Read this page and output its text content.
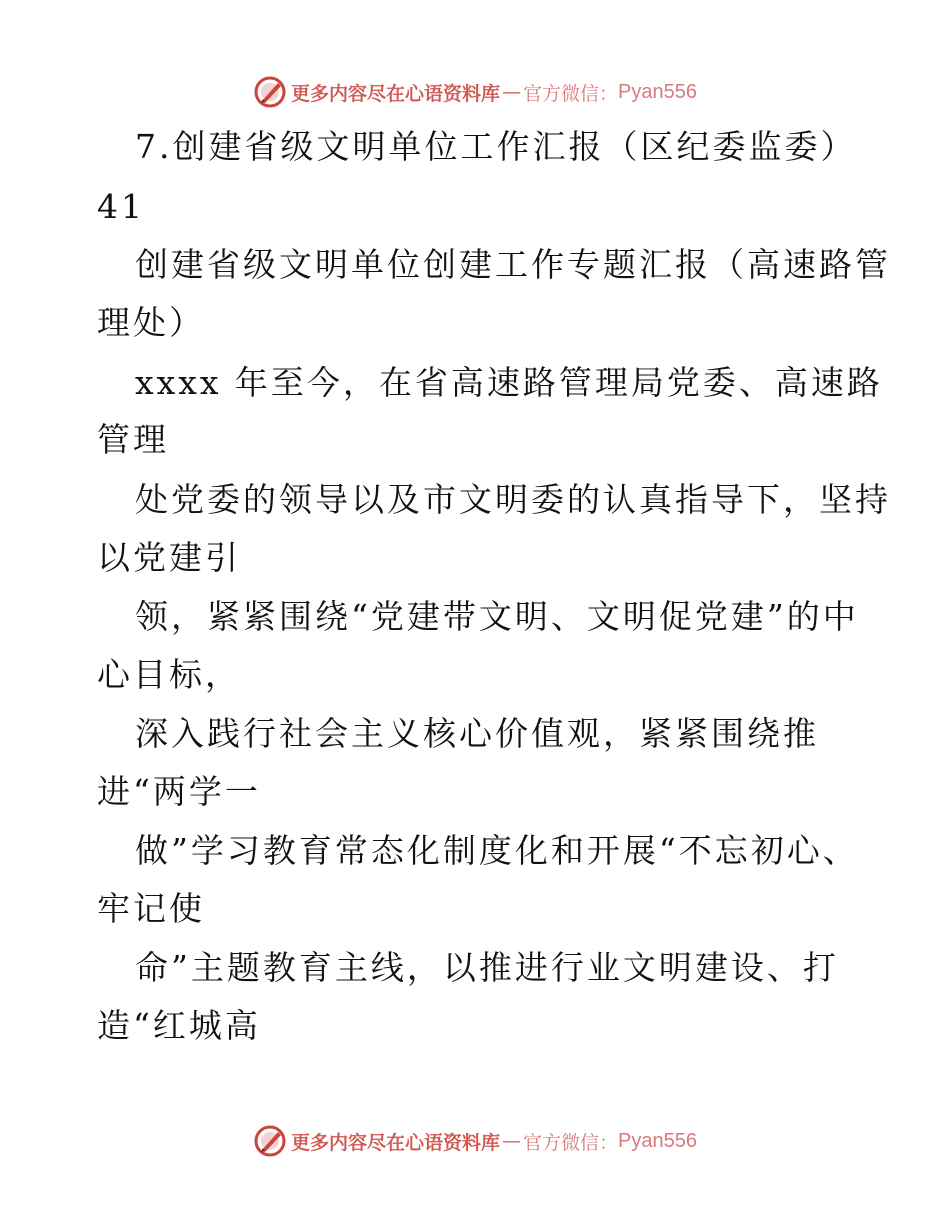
更多内容尽在心语资料库 — 官方微信： Pyan556
7.创建省级文明单位工作汇报（区纪委监委）
41
创建省级文明单位创建工作专题汇报（高速路管
理处）
xxxx 年至今，在省高速路管理局党委、高速路
管理
处党委的领导以及市文明委的认真指导下，坚持
以党建引
领，紧紧围绕“党建带文明、文明促党建”的中
心目标，
深入践行社会主义核心价值观，紧紧围绕推
进“两学一
做”学习教育常态化制度化和开展“不忘初心、
牢记使
命”主题教育主线，以推进行业文明建设、打
造“红城高
更多内容尽在心语资料库 — 官方微信： Pyan556
